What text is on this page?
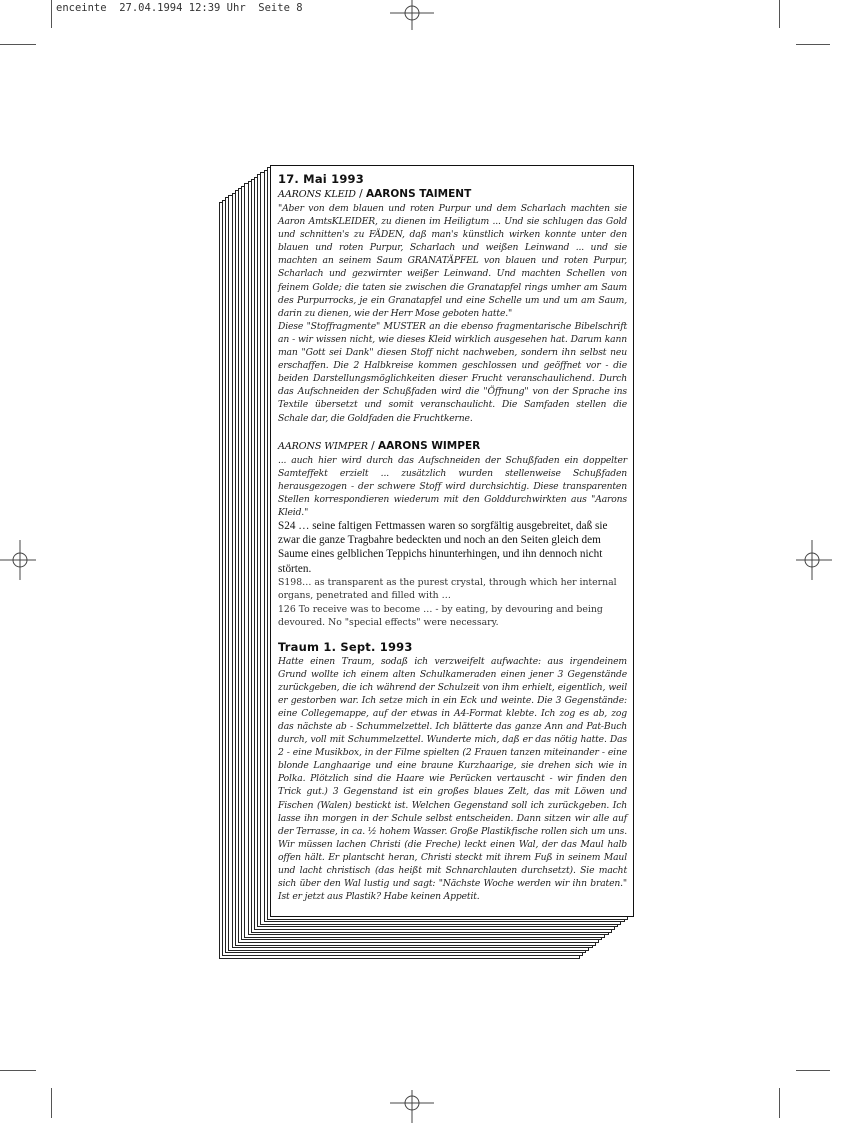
enceinte  27.04.1994 12:39 Uhr  Seite 8
17. Mai 1993

AARONS KLEID / AARONS TAIMENT

"Aber von dem blauen und roten Purpur und dem Scharlach machten sie Aaron AmtsKLEIDER, zu dienen im Heiligtum ... Und sie schlugen das Gold und schnitten's zu FÄDEN, daß man's künstlich wirken konnte unter den blauen und roten Purpur, Scharlach und weißen Leinwand ... und sie machten an seinem Saum GRANATÄPFEL von blauen und roten Purpur, Scharlach und gezwirnter weißer Leinwand. Und machten Schellen von feinem Golde; die taten sie zwischen die Granatapfel rings umher am Saum des Purpurrocks, je ein Granatapfel und eine Schelle um und um am Saum, darin zu dienen, wie der Herr Mose geboten hatte."

Diese "Stoffragmente" MUSTER an die ebenso fragmentarische Bibelschrift an - wir wissen nicht, wie dieses Kleid wirklich ausgesehen hat. Darum kann man "Gott sei Dank" diesen Stoff nicht nachweben, sondern ihn selbst neu erschaffen. Die 2 Halbkreise kommen geschlossen und geöffnet vor - die beiden Darstellungsmöglichkeiten dieser Frucht veranschaulichend. Durch das Aufschneiden der Schußfaden wird die "Öffnung" von der Sprache ins Textile übersetzt und somit veranschaulicht. Die Samfaden stellen die Schale dar, die Goldfaden die Fruchtkerne.

AARONS WIMPER / AARONS WIMPER

... auch hier wird durch das Aufschneiden der Schußfaden ein doppelter Samteffekt erzielt ... zusätzlich wurden stellenweise Schußfaden herausgezogen - der schwere Stoff wird durchsichtig. Diese transparenten Stellen korrespondieren wiederum mit den Golddurchwirkten aus "Aarons Kleid."

S24 … seine faltigen Fettmassen waren so sorgfältig ausgebreitet, daß sie zwar die ganze Tragbahre bedeckten und noch an den Seiten gleich dem Saume eines gelblichen Teppichs hinunterhingen, und ihn dennoch nicht störten.

S198… as transparent as the purest crystal, through which her internal organs, penetrated and filled with …

126 To receive was to become … - by eating, by devouring and being devoured. No "special effects" were necessary.

Traum 1. Sept. 1993

Hatte einen Traum, sodaß ich verzweifelt aufwachte: aus irgendeinem Grund wollte ich einem alten Schulkameraden einen jener 3 Gegenstände zurückgeben, die ich während der Schulzeit von ihm erhielt, eigentlich, weil er gestorben war. Ich setze mich in ein Eck und weinte. Die 3 Gegenstände: eine Collegemappe, auf der etwas in A4-Format klebte. Ich zog es ab, zog das nächste ab - Schummelzettel. Ich blätterte das ganze Ann and Pat-Buch durch, voll mit Schummelzettel. Wunderte mich, daß er das nötig hatte. Das 2 - eine Musikbox, in der Filme spielten (2 Frauen tanzen miteinander - eine blonde Langhaarige und eine braune Kurzhaarige, sie drehen sich wie in Polka. Plötzlich sind die Haare wie Perücken vertauscht - wir finden den Trick gut.) 3 Gegenstand ist ein großes blaues Zelt, das mit Löwen und Fischen (Walen) bestickt ist. Welchen Gegenstand soll ich zurückgeben. Ich lasse ihn morgen in der Schule selbst entscheiden. Dann sitzen wir alle auf der Terrasse, in ca. ½ hohem Wasser. Große Plastikfische rollen sich um uns. Wir müssen lachen Christi (die Freche) leckt einen Wal, der das Maul halb offen hält. Er plantscht heran, Christi steckt mit ihrem Fuß in seinem Maul und lacht christisch (das heißt mit Schnarchlauten durchsetzt). Sie macht sich über den Wal lustig und sagt: "Nächste Woche werden wir ihn braten." Ist er jetzt aus Plastik? Habe keinen Appetit.
